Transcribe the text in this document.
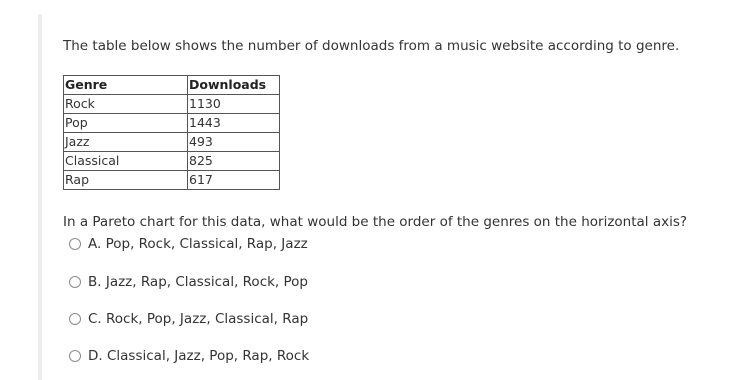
The table below shows the number of downloads from a music website according to genre.
Genre	Downloads
Rock	1130
Pop	1443
Jazz	493
Classical	825
Rap	617
In a Pareto chart for this data, what would be the order of the genres on the horizontal axis?
A. Pop, Rock, Classical, Rap, Jazz
B. Jazz, Rap, Classical, Rock, Pop
C. Rock, Pop, Jazz, Classical, Rap
D. Classical, Jazz, Pop, Rap, Rock
